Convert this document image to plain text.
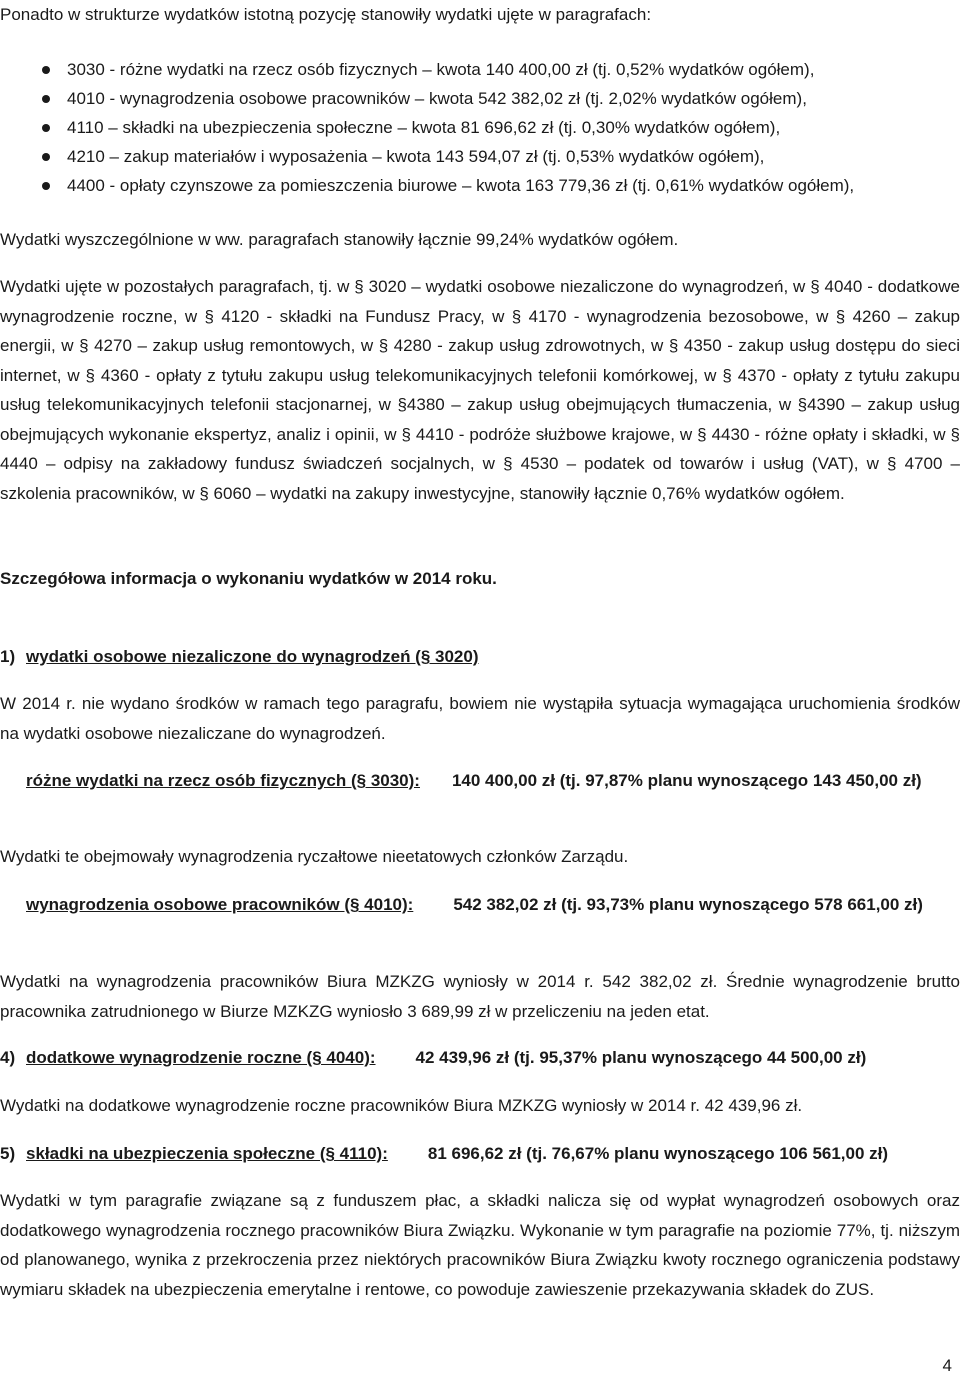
Ponadto w strukturze wydatków istotną pozycję stanowiły wydatki ujęte w paragrafach:

3030 - różne wydatki na rzecz osób fizycznych – kwota 140 400,00 zł (tj. 0,52% wydatków ogółem),
4010 - wynagrodzenia osobowe pracowników – kwota 542 382,02 zł (tj. 2,02% wydatków ogółem),
4110 – składki na ubezpieczenia społeczne – kwota 81 696,62 zł (tj. 0,30% wydatków ogółem),
4210 – zakup materiałów i wyposażenia – kwota 143 594,07 zł (tj. 0,53% wydatków ogółem),
4400 - opłaty czynszowe za pomieszczenia biurowe – kwota 163 779,36 zł (tj. 0,61% wydatków ogółem),

Wydatki wyszczególnione w ww. paragrafach stanowiły łącznie 99,24% wydatków ogółem.

Wydatki ujęte w pozostałych paragrafach, tj. w § 3020 – wydatki osobowe niezaliczone do wynagrodzeń, w § 4040 - dodatkowe wynagrodzenie roczne, w § 4120 - składki na Fundusz Pracy, w § 4170 - wynagrodzenia bezosobowe, w § 4260 – zakup energii, w § 4270 – zakup usług remontowych, w § 4280 - zakup usług zdrowotnych, w § 4350 - zakup usług dostępu do sieci internet, w § 4360 - opłaty z tytułu zakupu usług telekomunikacyjnych telefonii komórkowej, w § 4370 - opłaty z tytułu zakupu usług telekomunikacyjnych telefonii stacjonarnej, w §4380 – zakup usług obejmujących tłumaczenia, w §4390 – zakup usług obejmujących wykonanie ekspertyz, analiz i opinii, w § 4410 - podróże służbowe krajowe, w § 4430 - różne opłaty i składki, w § 4440 – odpisy na zakładowy fundusz świadczeń socjalnych, w § 4530 – podatek od towarów i usług (VAT), w § 4700 – szkolenia pracowników, w § 6060 – wydatki na zakupy inwestycyjne, stanowiły łącznie 0,76% wydatków ogółem.

Szczegółowa informacja o wykonaniu wydatków w 2014 roku.

1) wydatki osobowe niezaliczone do wynagrodzeń (§ 3020)

W 2014 r. nie wydano środków w ramach tego paragrafu, bowiem nie wystąpiła sytuacja wymagająca uruchomienia środków na wydatki osobowe niezaliczane do wynagrodzeń.

różne wydatki na rzecz osób fizycznych (§ 3030): 140 400,00 zł (tj. 97,87% planu wynoszącego 143 450,00 zł)

Wydatki te obejmowały wynagrodzenia ryczałtowe nieetatowych członków Zarządu.

wynagrodzenia osobowe pracowników (§ 4010): 542 382,02 zł (tj. 93,73% planu wynoszącego 578 661,00 zł)

Wydatki na wynagrodzenia pracowników Biura MZKZG wyniosły w 2014 r. 542 382,02 zł. Średnie wynagrodzenie brutto pracownika zatrudnionego w Biurze MZKZG wyniosło 3 689,99 zł w przeliczeniu na jeden etat.

4) dodatkowe wynagrodzenie roczne (§ 4040): 42 439,96 zł (tj. 95,37% planu wynoszącego 44 500,00 zł)

Wydatki na dodatkowe wynagrodzenie roczne pracowników Biura MZKZG wyniosły w 2014 r. 42 439,96 zł.

5) składki na ubezpieczenia społeczne (§ 4110): 81 696,62 zł (tj. 76,67% planu wynoszącego 106 561,00 zł)

Wydatki w tym paragrafie związane są z funduszem płac, a składki nalicza się od wypłat wynagrodzeń osobowych oraz dodatkowego wynagrodzenia rocznego pracowników Biura Związku. Wykonanie w tym paragrafie na poziomie 77%, tj. niższym od planowanego, wynika z przekroczenia przez niektórych pracowników Biura Związku kwoty rocznego ograniczenia podstawy wymiaru składek na ubezpieczenia emerytalne i rentowe, co powoduje zawieszenie przekazywania składek do ZUS.

4
